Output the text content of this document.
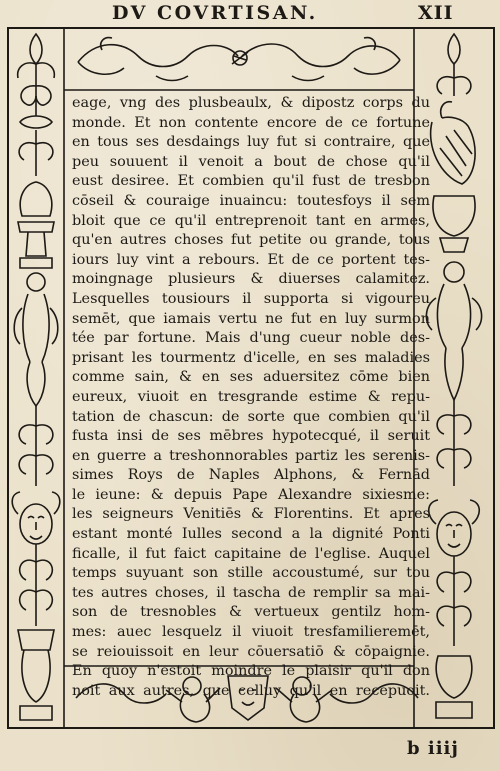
DV COVRTISAN.	XII
eage, vng des plusbeaulx, & dipostz corps du
monde. Et non contente encore de ce fortune
en tous ses desdaings luy fut si contraire, que
peu souuent il venoit a bout de chose qu'il
eust desiree. Et combien qu'il fust de tresbon
cōseil & couraige inuaincu: toutesfoys il sem
bloit que ce qu'il entreprenoit tant en armes,
qu'en autres choses fut petite ou grande, tous
iours luy vint a rebours. Et de ce portent tes-
moingnage plusieurs & diuerses calamitez.
Lesquelles tousiours il supporta si vigoureu
semēt, que iamais vertu ne fut en luy surmon
tée par fortune. Mais d'ung cueur noble des-
prisant les tourmentz d'icelle, en ses maladies
comme sain, & en ses aduersitez cōme bien
eureux, viuoit en tresgrande estime & repu-
tation de chascun: de sorte que combien qu'il
fusta insi de ses mēbres hypotecqué, il seruit
en guerre a treshonnorables partiz les serenis-
simes Roys de Naples Alphons, & Fernād
le ieune: & depuis Pape Alexandre sixiesme:
les seigneurs Venitiēs & Florentins. Et apres
estant monté Iulles second a la dignité Ponti
ficalle, il fut faict capitaine de l'eglise. Auquel
temps suyuant son stille accoustumé, sur tou
tes autres choses, il tascha de remplir sa mai-
son de tresnobles & vertueux gentilz hom-
mes: auec lesquelz il viuoit tresfamilieremēt,
se reiouissoit en leur cōuersatiō & cōpaignie.
En quoy n'estoit moindre le plaisir qu'il don
noit aux autres, que celluy qu'il en recepuoit.
b iiij
